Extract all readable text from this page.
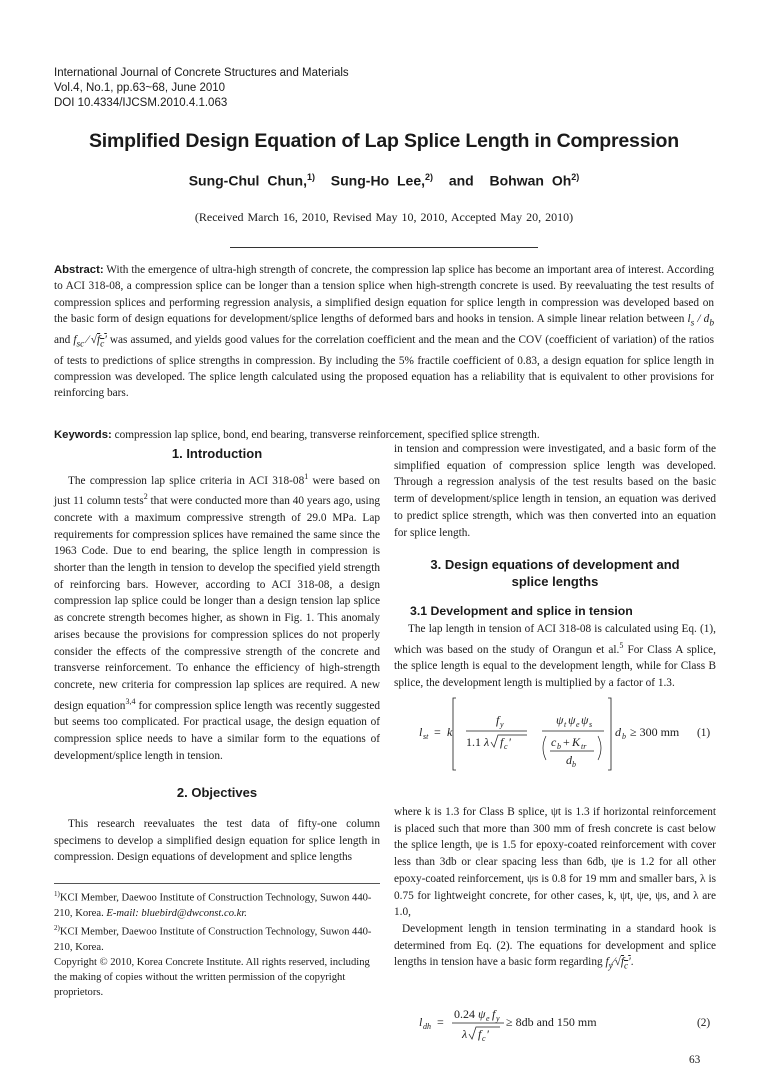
International Journal of Concrete Structures and Materials
Vol.4, No.1, pp.63~68, June 2010
DOI 10.4334/IJCSM.2010.4.1.063
Simplified Design Equation of Lap Splice Length in Compression
Sung-Chul Chun,$^{1)}$ Sung-Ho Lee,$^{2)}$ and Bohwan Oh$^{2)}$
(Received March 16, 2010, Revised May 10, 2010, Accepted May 20, 2010)
Abstract: With the emergence of ultra-high strength of concrete, the compression lap splice has become an important area of interest. According to ACI 318-08, a compression splice can be longer than a tension splice when high-strength concrete is used. By reevaluating the test results of compression splices and performing regression analysis, a simplified design equation for splice length in compression was developed based on the basic form of design equations for development/splice lengths of deformed bars and hooks in tension. A simple linear relation between $l_s / d_b$ and $f_{sc}$ ⁄ $√f_c'$ was assumed, and yields good values for the correlation coefficient and the mean and the COV (coefficient of variation) of the ratios of tests to predictions of splice strengths in compression. By including the 5% fractile coefficient of 0.83, a design equation for splice length in compression was developed. The splice length calculated using the proposed equation has a reliability that is equivalent to other provisions for reinforcing bars.
Keywords: compression lap splice, bond, end bearing, transverse reinforcement, specified splice strength.
1. Introduction

The compression lap splice criteria in ACI $318-08^1$ were based on just 11 column tests$^2$ that were conducted more than 40 years ago, using concrete with a maximum compressive strength of 29.0 MPa. Lap requirements for compression splices have remained the same since the 1963 Code. Due to end bearing, the splice length in compression is shorter than the length in tension to develop the specified yield strength of reinforcing bars. However, according to ACI 318-08, a design compression lap splice could be longer than a design tension lap splice as concrete strength becomes higher, as shown in Fig. 1. This anomaly arises because the provisions for compression splices do not properly consider the effects of the compressive strength of the concrete and transverse reinforcement. To enhance the efficiency of high-strength concrete, new criteria for compression lap splices are required. A new design equation$^{3,4}$ for compression splice length was recently suggested but seems too complicated. For practical usage, the design equation of compression splice needs to have a similar form to the equations of development/splice length in tension.

2. Objectives

This research reevaluates the test data of fifty-one column specimens to develop a simplified design equation for splice length in compression. Design equations of development and splice lengths

$^{1)}$KCI Member, Daewoo Institute of Construction Technology, Suwon 440-210, Korea. E-mail: bluebird@dwconst.co.kr.
$^{2)}$KCI Member, Daewoo Institute of Construction Technology, Suwon 440-210, Korea.
Copyright © 2010, Korea Concrete Institute. All rights reserved, including the making of copies without the written permission of the copyright proprietors.

in tension and compression were investigated, and a basic form of the simplified equation of compression splice length was developed. Through a regression analysis of the test results based on the basic term of development/splice length in tension, an equation was derived to predict splice strength, which was then converted into an equation for splice length.

3. Design equations of development and
splice lengths
3.1 Development and splice in tension

The lap length in tension of ACI 318-08 is calculated using Eq. (1), which was based on the study of Orangun et al.$^5$ For Class A splice, the splice length is equal to the development length, while for Class B splice, the development length is multiplied by a factor of 1.3.

l st = k
f y
1.1 λ f c ′
ψ t ψ e ψ s
c b + K tr
d b
d b ≥ 300 mm (1)

where k is 1.3 for Class B splice, ψt is 1.3 if horizontal reinforcement is placed such that more than 300 mm of fresh concrete is cast below the splice length, ψe is 1.5 for epoxy-coated reinforcement with cover less than 3db or clear spacing less than 6db, ψe is 1.2 for all other epoxy-coated reinforcement, ψs is 0.8 for 19 mm and smaller bars, λ is 0.75 for lightweight concrete, for other cases, k, ψt, ψe, ψs, and λ are 1.0,

Development length in tension terminating in a standard hook is determined from Eq. (2). The equations for development and splice lengths in tension have a basic form regarding $f_y⁄√f_c'$.

l dh =
0.24 ψ e f y
λ f c ′
≥ 8db and 150 mm	(2)
63
